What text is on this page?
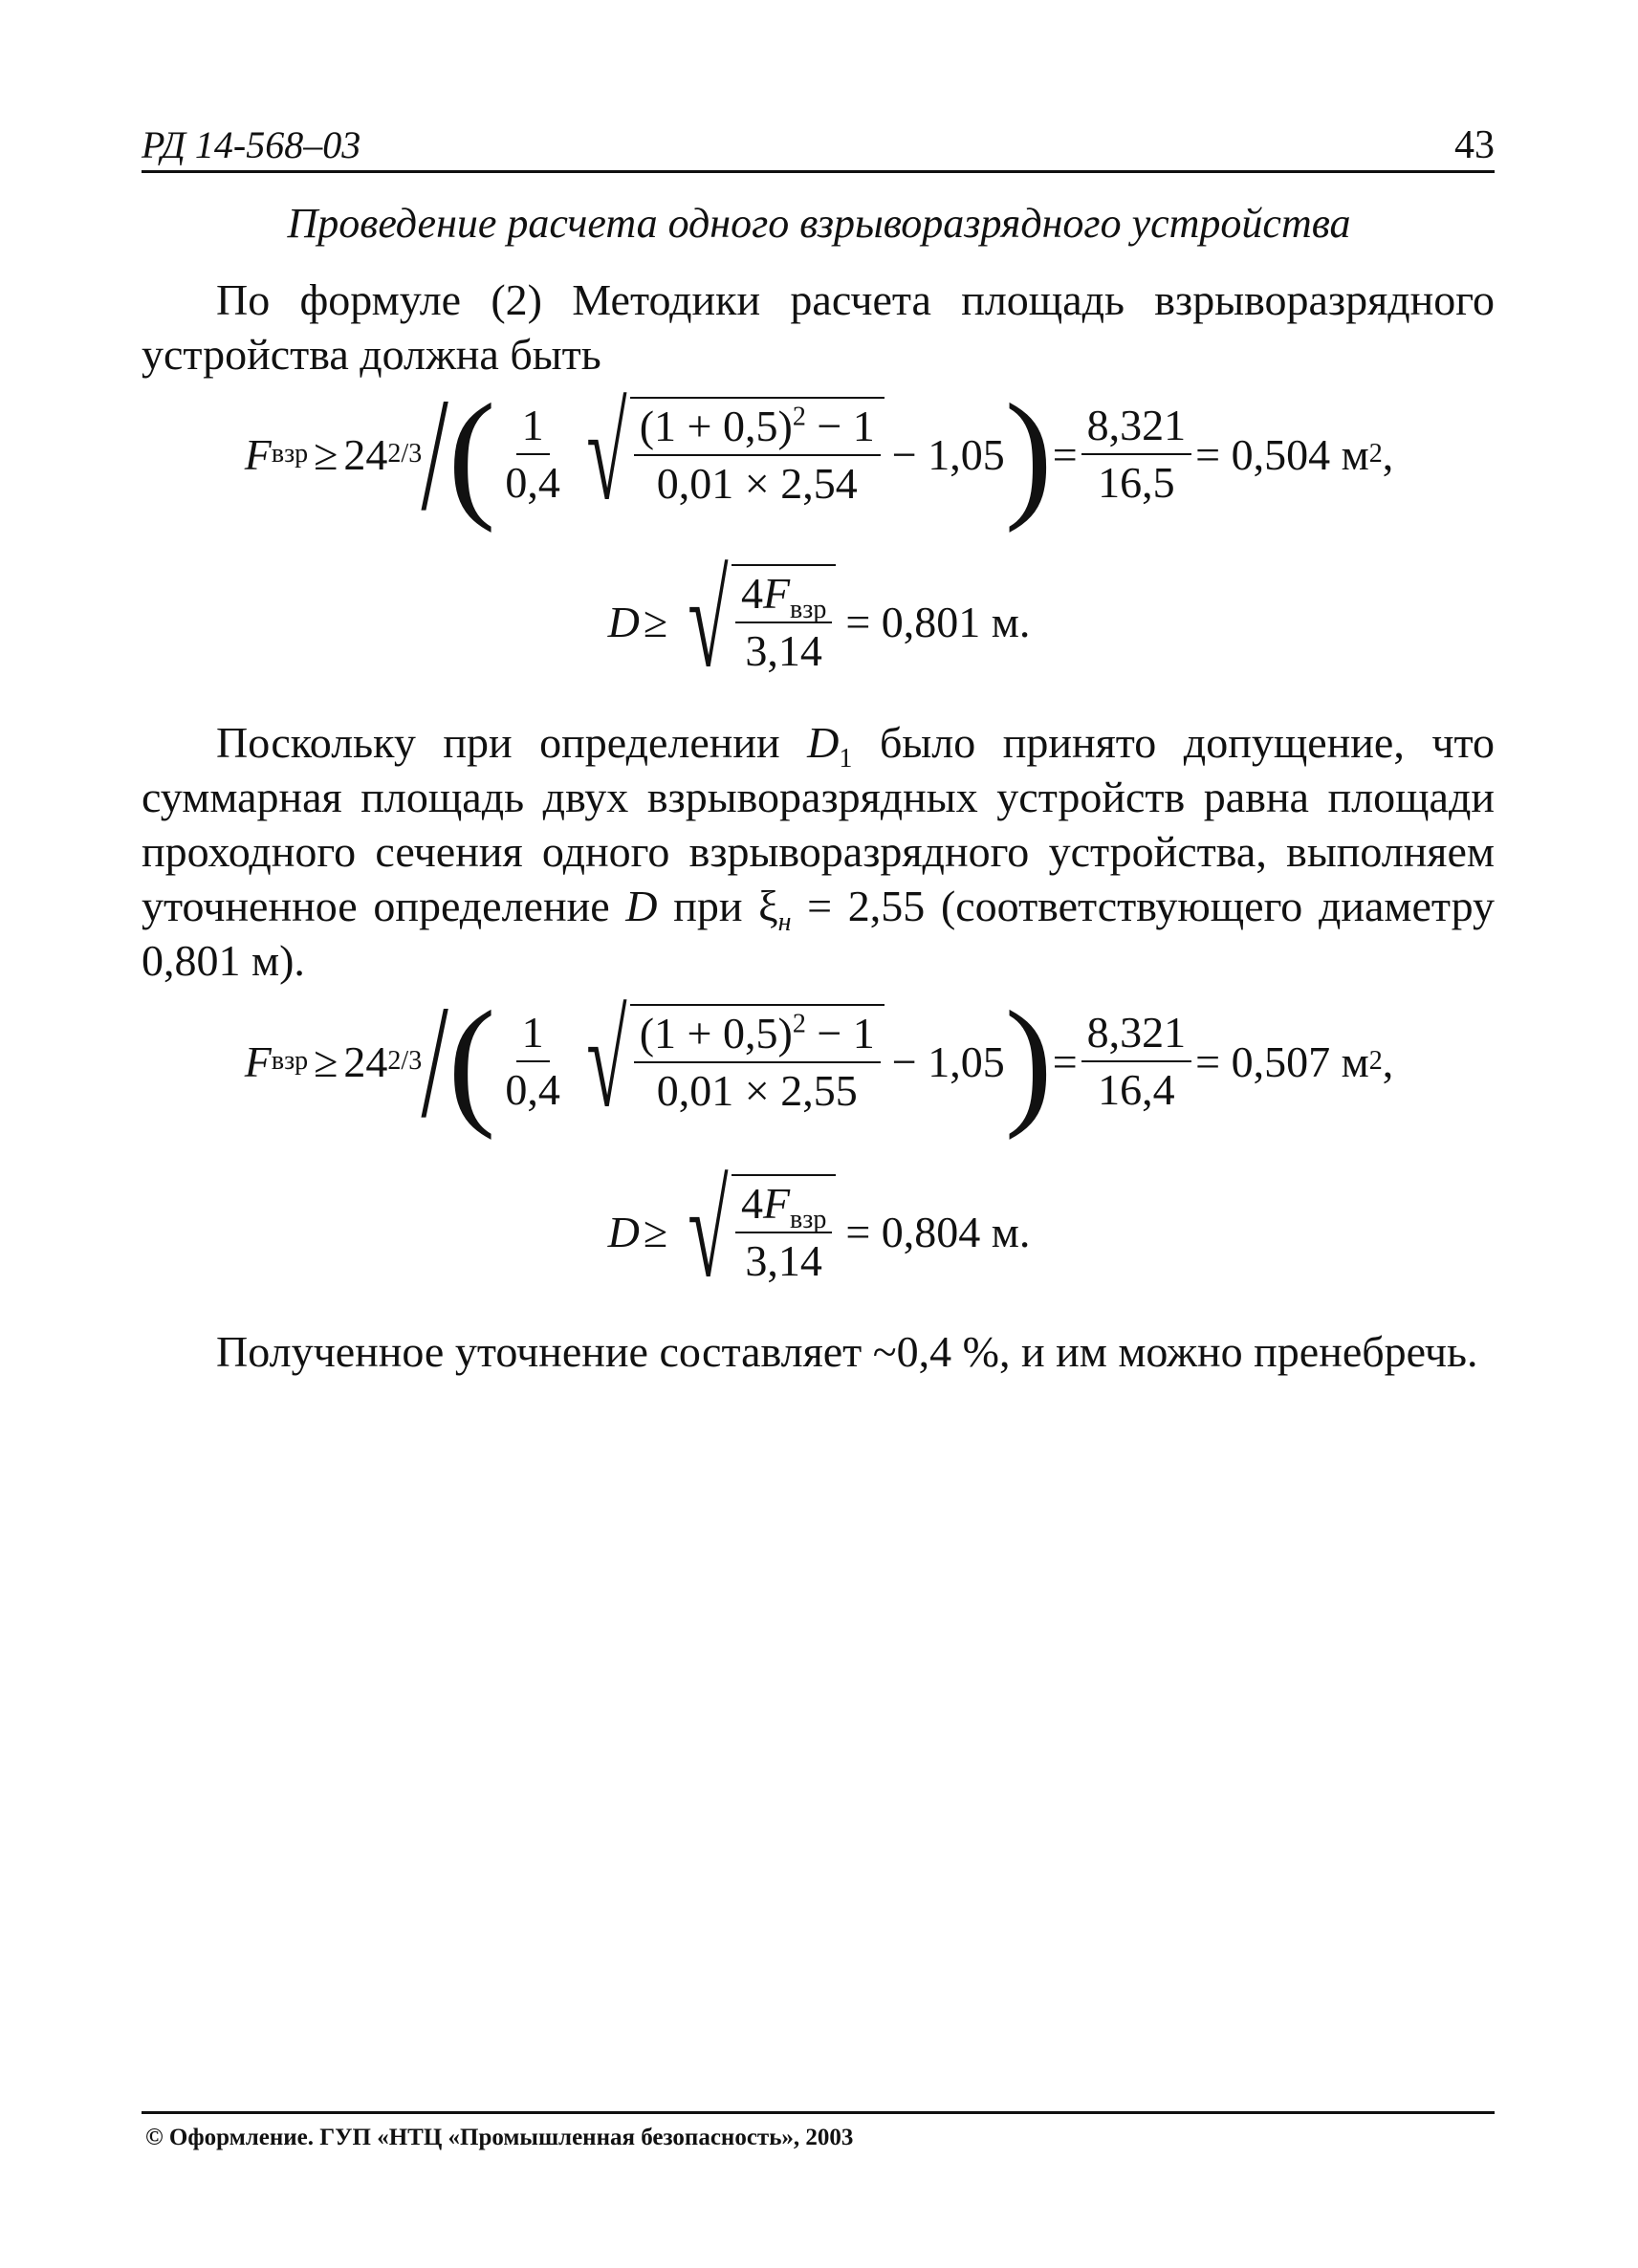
РД 14-568–03	43
Проведение расчета одного взрыворазрядного устройства
По формуле (2) Методики расчета площадь взрыворазрядного устройства должна быть
F взр ≥ 24 2/3 / ( $\frac{1}{0,4}$ √ $\frac{(1 + 0,5)^2 - 1}{0,01 \times 2,54} - 1,05$ ) = $\frac{8,321}{16,5} = 0,504$ м 2 ,
D ≥ √ $\frac{4F_{взр}}{3,14} = 0,801$ м.
Поскольку при определении $D_1$ было принято допущение, что суммарная площадь двух взрыворазрядных устройств равна площади проходного сечения одного взрыворазрядного устройства, выполняем уточненное определение D при $\xi_н = 2,55$ (соответствующего диаметру 0,801 м).
F взр ≥ 24 2/3 / ( $\frac{1}{0,4}$ √ $\frac{(1 + 0,5)^2 - 1}{0,01 \times 2,55} - 1,05$ ) = $\frac{8,321}{16,4} = 0,507$ м 2 ,
D ≥ √ $\frac{4F_{взр}}{3,14} = 0,804$ м.
Полученное уточнение составляет ~0,4 %, и им можно пренебречь.
© Оформление. ГУП «НТЦ «Промышленная безопасность», 2003
